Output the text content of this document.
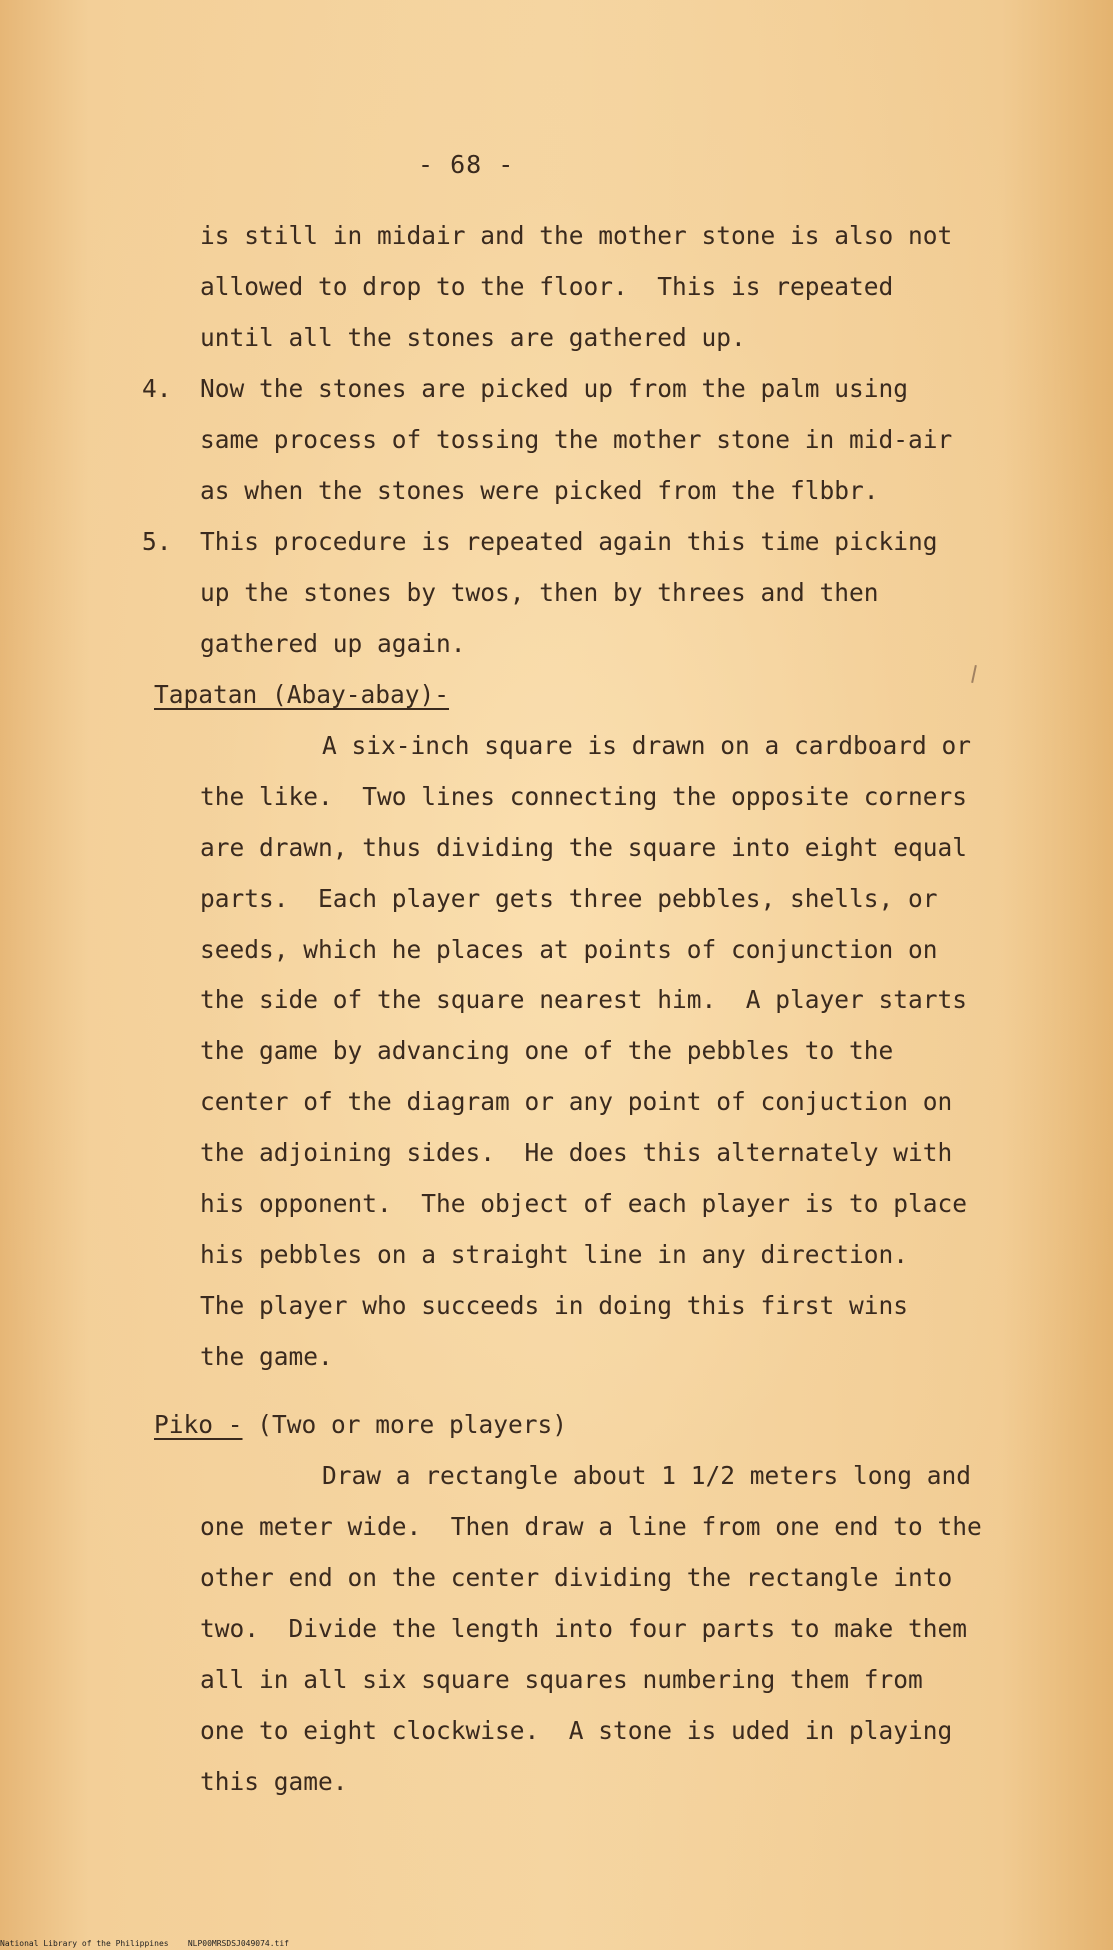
- 68 -
is still in midair and the mother stone is also not
allowed to drop to the floor.  This is repeated
until all the stones are gathered up.
4. Now the stones are picked up from the palm using
same process of tossing the mother stone in mid-air
as when the stones were picked from the flbbr.
5. This procedure is repeated again this time picking
up the stones by twos, then by threes and then
gathered up again.
Tapatan (Abay-abay)-
A six-inch square is drawn on a cardboard or
the like.  Two lines connecting the opposite corners
are drawn, thus dividing the square into eight equal
parts.  Each player gets three pebbles, shells, or
seeds, which he places at points of conjunction on
the side of the square nearest him.  A player starts
the game by advancing one of the pebbles to the
center of the diagram or any point of conjuction on
the adjoining sides.  He does this alternately with
his opponent.  The object of each player is to place
his pebbles on a straight line in any direction.
The player who succeeds in doing this first wins
the game.
Piko - (Two or more players)
Draw a rectangle about 1 1/2 meters long and
one meter wide.  Then draw a line from one end to the
other end on the center dividing the rectangle into
two.  Divide the length into four parts to make them
all in all six square squares numbering them from
one to eight clockwise.  A stone is uded in playing
this game.
National Library of the Philippines NLP00MRSDSJ049074.tif
